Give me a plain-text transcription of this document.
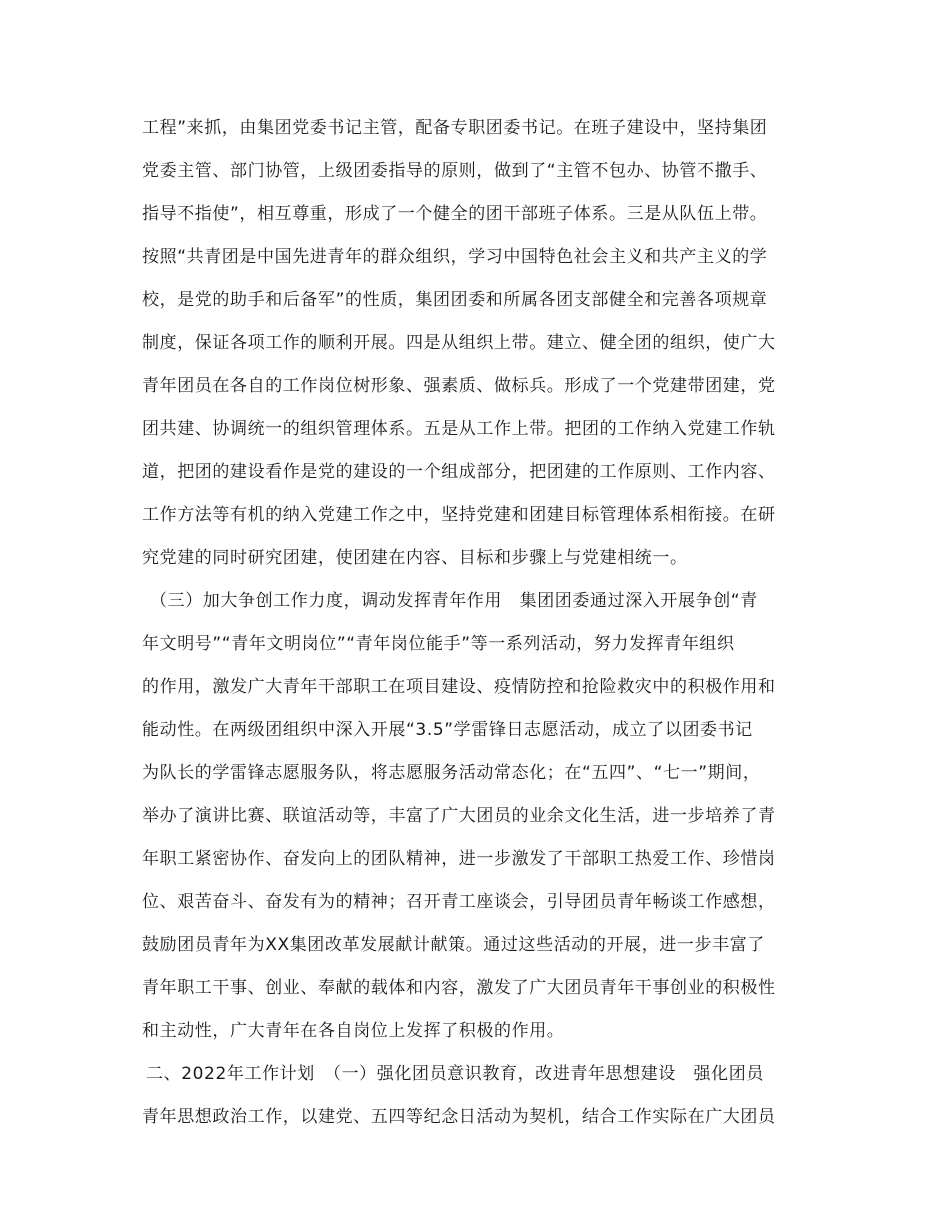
工程”来抓，由集团党委书记主管，配备专职团委书记。在班子建设中，坚持集团
党委主管、部门协管，上级团委指导的原则，做到了“主管不包办、协管不撒手、
指导不指使”，相互尊重，形成了一个健全的团干部班子体系。三是从队伍上带。
按照“共青团是中国先进青年的群众组织，学习中国特色社会主义和共产主义的学
校，是党的助手和后备军”的性质，集团团委和所属各团支部健全和完善各项规章
制度，保证各项工作的顺利开展。四是从组织上带。建立、健全团的组织，使广大
青年团员在各自的工作岗位树形象、强素质、做标兵。形成了一个党建带团建，党
团共建、协调统一的组织管理体系。五是从工作上带。把团的工作纳入党建工作轨
道，把团的建设看作是党的建设的一个组成部分，把团建的工作原则、工作内容、
工作方法等有机的纳入党建工作之中，坚持党建和团建目标管理体系相衔接。在研
究党建的同时研究团建，使团建在内容、目标和步骤上与党建相统一。
（三）加大争创工作力度，调动发挥青年作用　集团团委通过深入开展争创“青
年文明号”“青年文明岗位”“青年岗位能手”等一系列活动，努力发挥青年组织
的作用，激发广大青年干部职工在项目建设、疫情防控和抢险救灾中的积极作用和
能动性。在两级团组织中深入开展“3.5”学雷锋日志愿活动，成立了以团委书记
为队长的学雷锋志愿服务队，将志愿服务活动常态化；在“五四”、“七一”期间，
举办了演讲比赛、联谊活动等，丰富了广大团员的业余文化生活，进一步培养了青
年职工紧密协作、奋发向上的团队精神，进一步激发了干部职工热爱工作、珍惜岗
位、艰苦奋斗、奋发有为的精神；召开青工座谈会，引导团员青年畅谈工作感想，
鼓励团员青年为XX集团改革发展献计献策。通过这些活动的开展，进一步丰富了
青年职工干事、创业、奉献的载体和内容，激发了广大团员青年干事创业的积极性
和主动性，广大青年在各自岗位上发挥了积极的作用。
二、2022年工作计划　（一）强化团员意识教育，改进青年思想建设　强化团员
青年思想政治工作，以建党、五四等纪念日活动为契机，结合工作实际在广大团员
